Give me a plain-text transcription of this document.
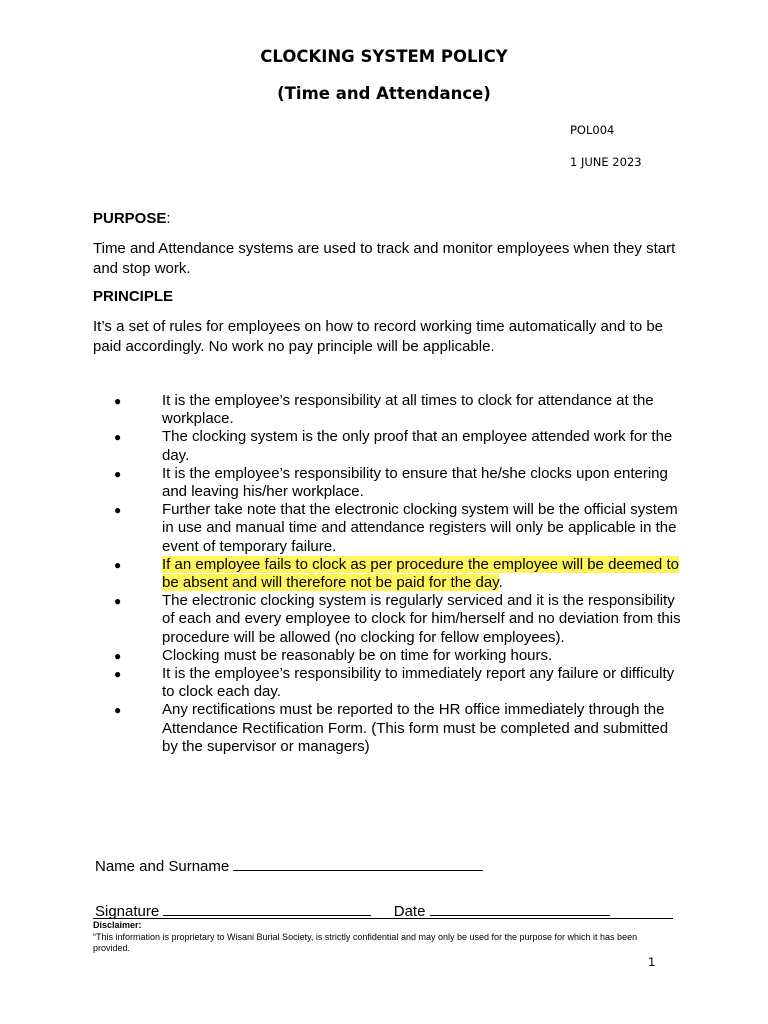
CLOCKING SYSTEM POLICY
(Time and Attendance)
POL004
1 JUNE 2023
PURPOSE:
Time and Attendance systems are used to track and monitor employees when they start and stop work.
PRINCIPLE
It’s a set of rules for employees on how to record working time automatically and to be paid accordingly. No work no pay principle will be applicable.
●	It is the employee’s responsibility at all times to clock for attendance at the workplace.
●	The clocking system is the only proof that an employee attended work for the day.
●	It is the employee’s responsibility to ensure that he/she clocks upon entering and leaving his/her workplace.
●	Further take note that the electronic clocking system will be the official system in use and manual time and attendance registers will only be applicable in the event of temporary failure.
●	If an employee fails to clock as per procedure the employee will be deemed to be absent and will therefore not be paid for the day.
●	The electronic clocking system is regularly serviced and it is the responsibility of each and every employee to clock for him/herself and no deviation from this procedure will be allowed (no clocking for fellow employees).
●	Clocking must be reasonably be on time for working hours.
●	It is the employee’s responsibility to immediately report any failure or difficulty to clock each day.
●	Any rectifications must be reported to the HR office immediately through the Attendance Rectification Form. (This form must be completed and submitted by the supervisor or managers)
Name and Surname
Signature	Date
Disclaimer:
“This information is proprietary to Wisani Burial Society, is strictly confidential and may only be used for the purpose for which it has been provided.
1
